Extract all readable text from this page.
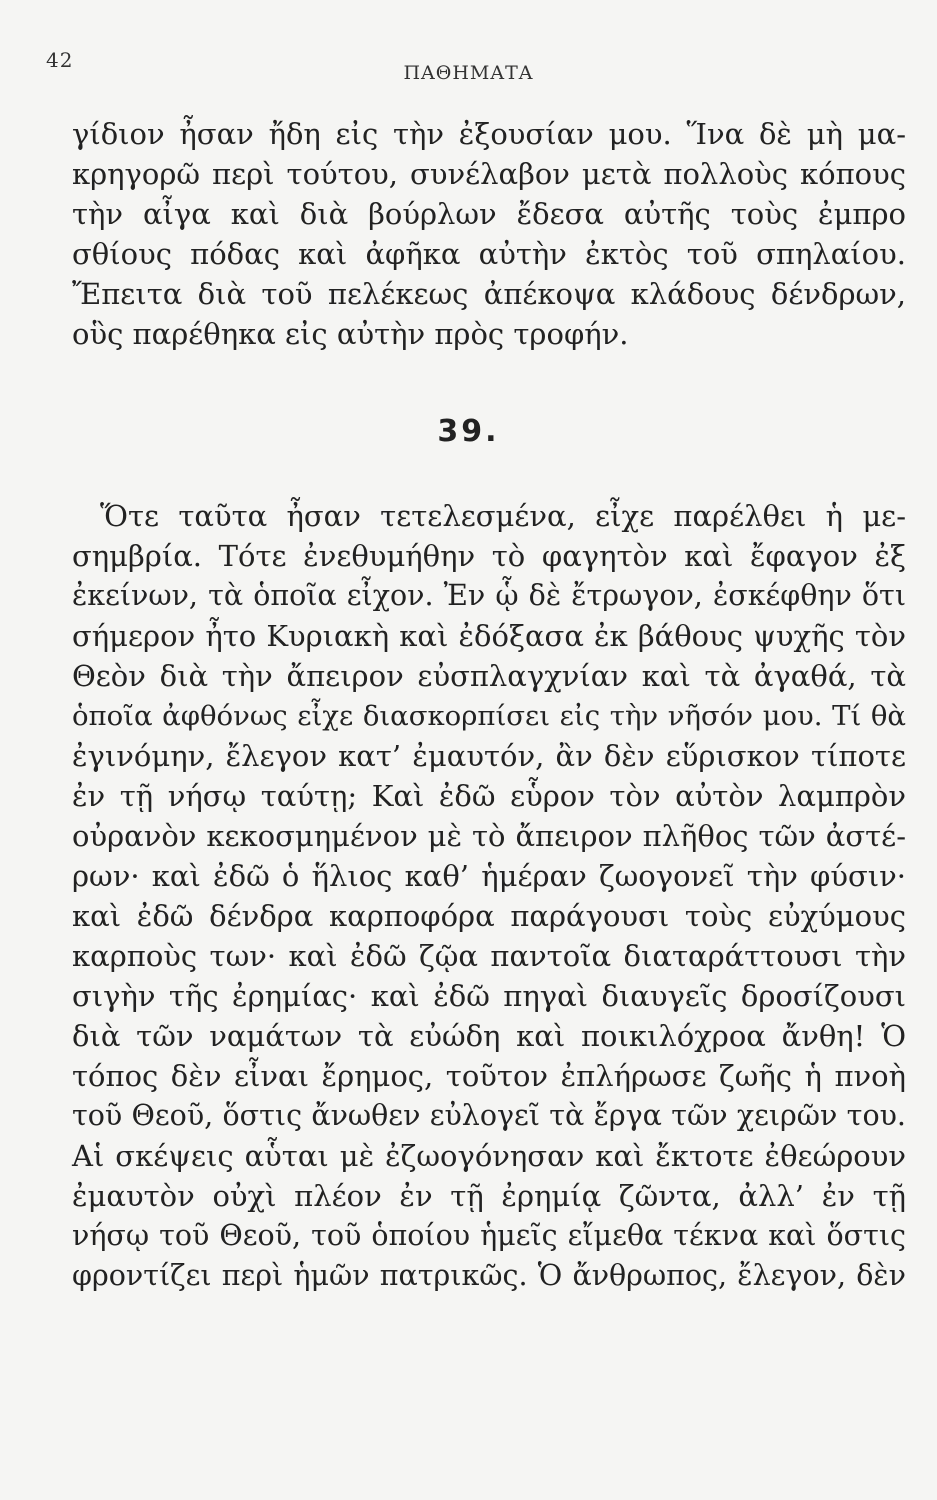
42
ΠΑΘΗΜΑΤΑ
γίδιον ἦσαν ἤδη εἰς τὴν ἐξουσίαν μου. Ἵνα δὲ μὴ μα-
κρηγορῶ περὶ τούτου, συνέλαβον μετὰ πολλοὺς κόπους
τὴν αἶγα καὶ διὰ βούρλων ἔδεσα αὐτῆς τοὺς ἐμπρο
σθίους πόδας καὶ ἀφῆκα αὐτὴν ἐκτὸς τοῦ σπηλαίου.
Ἔπειτα διὰ τοῦ πελέκεως ἀπέκοψα κλάδους δένδρων,
οὓς παρέθηκα εἰς αὐτὴν πρὸς τροφήν.
39.
Ὅτε ταῦτα ἦσαν τετελεσμένα, εἶχε παρέλθει ἡ με-
σημβρία. Τότε ἐνεθυμήθην τὸ φαγητὸν καὶ ἔφαγον ἐξ
ἐκείνων, τὰ ὁποῖα εἶχον. Ἐν ᾧ δὲ ἔτρωγον, ἐσκέφθην ὅτι
σήμερον ἦτο Κυριακὴ καὶ ἐδόξασα ἐκ βάθους ψυχῆς τὸν
Θεὸν διὰ τὴν ἄπειρον εὐσπλαγχνίαν καὶ τὰ ἀγαθά, τὰ
ὁποῖα ἀφθόνως εἶχε διασκορπίσει εἰς τὴν νῆσόν μου. Τί θὰ
ἐγινόμην, ἔλεγον κατ’ ἐμαυτόν, ἂν δὲν εὕρισκον τίποτε
ἐν τῇ νήσῳ ταύτῃ; Καὶ ἐδῶ εὗρον τὸν αὐτὸν λαμπρὸν
οὐρανὸν κεκοσμημένον μὲ τὸ ἄπειρον πλῆθος τῶν ἀστέ-
ρων· καὶ ἐδῶ ὁ ἥλιος καθ’ ἡμέραν ζωογονεῖ τὴν φύσιν·
καὶ ἐδῶ δένδρα καρποφόρα παράγουσι τοὺς εὐχύμους
καρποὺς των· καὶ ἐδῶ ζῷα παντοῖα διαταράττουσι τὴν
σιγὴν τῆς ἐρημίας· καὶ ἐδῶ πηγαὶ διαυγεῖς δροσίζουσι
διὰ τῶν ναμάτων τὰ εὐώδη καὶ ποικιλόχροα ἄνθη! Ὁ
τόπος δὲν εἶναι ἔρημος, τοῦτον ἐπλήρωσε ζωῆς ἡ πνοὴ
τοῦ Θεοῦ, ὅστις ἄνωθεν εὐλογεῖ τὰ ἔργα τῶν χειρῶν του.
Αἱ σκέψεις αὗται μὲ ἐζωογόνησαν καὶ ἔκτοτε ἐθεώρουν
ἐμαυτὸν οὐχὶ πλέον ἐν τῇ ἐρημίᾳ ζῶντα, ἀλλ’ ἐν τῇ
νήσῳ τοῦ Θεοῦ, τοῦ ὁποίου ἡμεῖς εἴμεθα τέκνα καὶ ὅστις
φροντίζει περὶ ἡμῶν πατρικῶς. Ὁ ἄνθρωπος, ἔλεγον, δὲν
